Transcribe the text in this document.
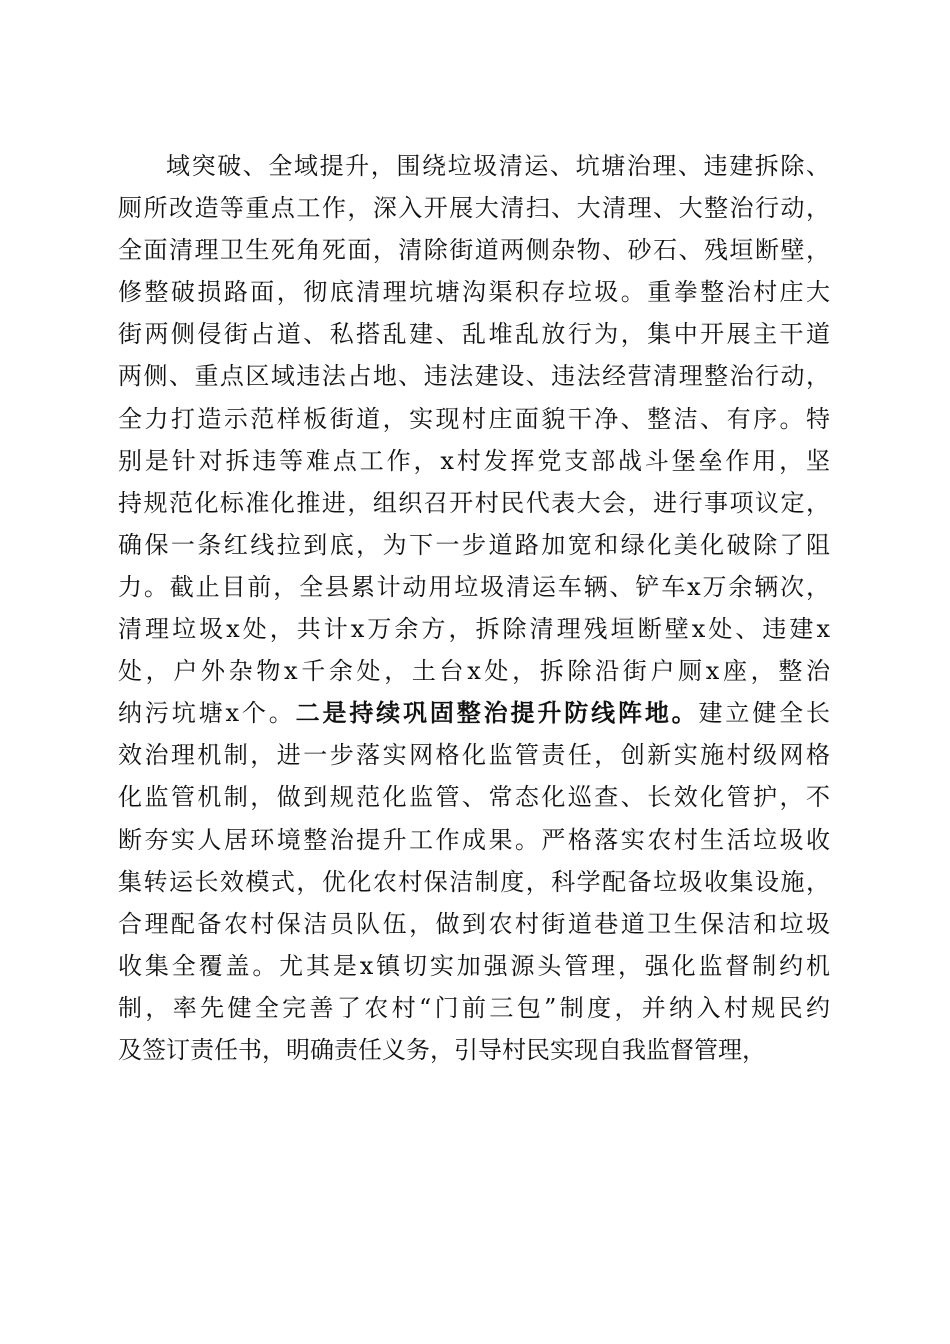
域突破、全域提升，围绕垃圾清运、坑塘治理、违建拆除、
厕所改造等重点工作，深入开展大清扫、大清理、大整治行动，
全面清理卫生死角死面，清除街道两侧杂物、砂石、残垣断壁，
修整破损路面，彻底清理坑塘沟渠积存垃圾。重拳整治村庄大
街两侧侵街占道、私搭乱建、乱堆乱放行为，集中开展主干道
两侧、重点区域违法占地、违法建设、违法经营清理整治行动，
全力打造示范样板街道，实现村庄面貌干净、整洁、有序。特
别是针对拆违等难点工作，x村发挥党支部战斗堡垒作用，坚
持规范化标准化推进，组织召开村民代表大会，进行事项议定，
确保一条红线拉到底，为下一步道路加宽和绿化美化破除了阻
力。截止目前，全县累计动用垃圾清运车辆、铲车x万余辆次，
清理垃圾x处，共计x万余方，拆除清理残垣断壁x处、违建x
处，户外杂物x千余处，土台x处，拆除沿街户厕x座，整治
纳污坑塘x个。二是持续巩固整治提升防线阵地。建立健全长
效治理机制，进一步落实网格化监管责任，创新实施村级网格
化监管机制，做到规范化监管、常态化巡查、长效化管护，不
断夯实人居环境整治提升工作成果。严格落实农村生活垃圾收
集转运长效模式，优化农村保洁制度，科学配备垃圾收集设施，
合理配备农村保洁员队伍，做到农村街道巷道卫生保洁和垃圾
收集全覆盖。尤其是x镇切实加强源头管理，强化监督制约机
制，率先健全完善了农村“门前三包”制度，并纳入村规民约
及签订责任书，明确责任义务，引导村民实现自我监督管理，
